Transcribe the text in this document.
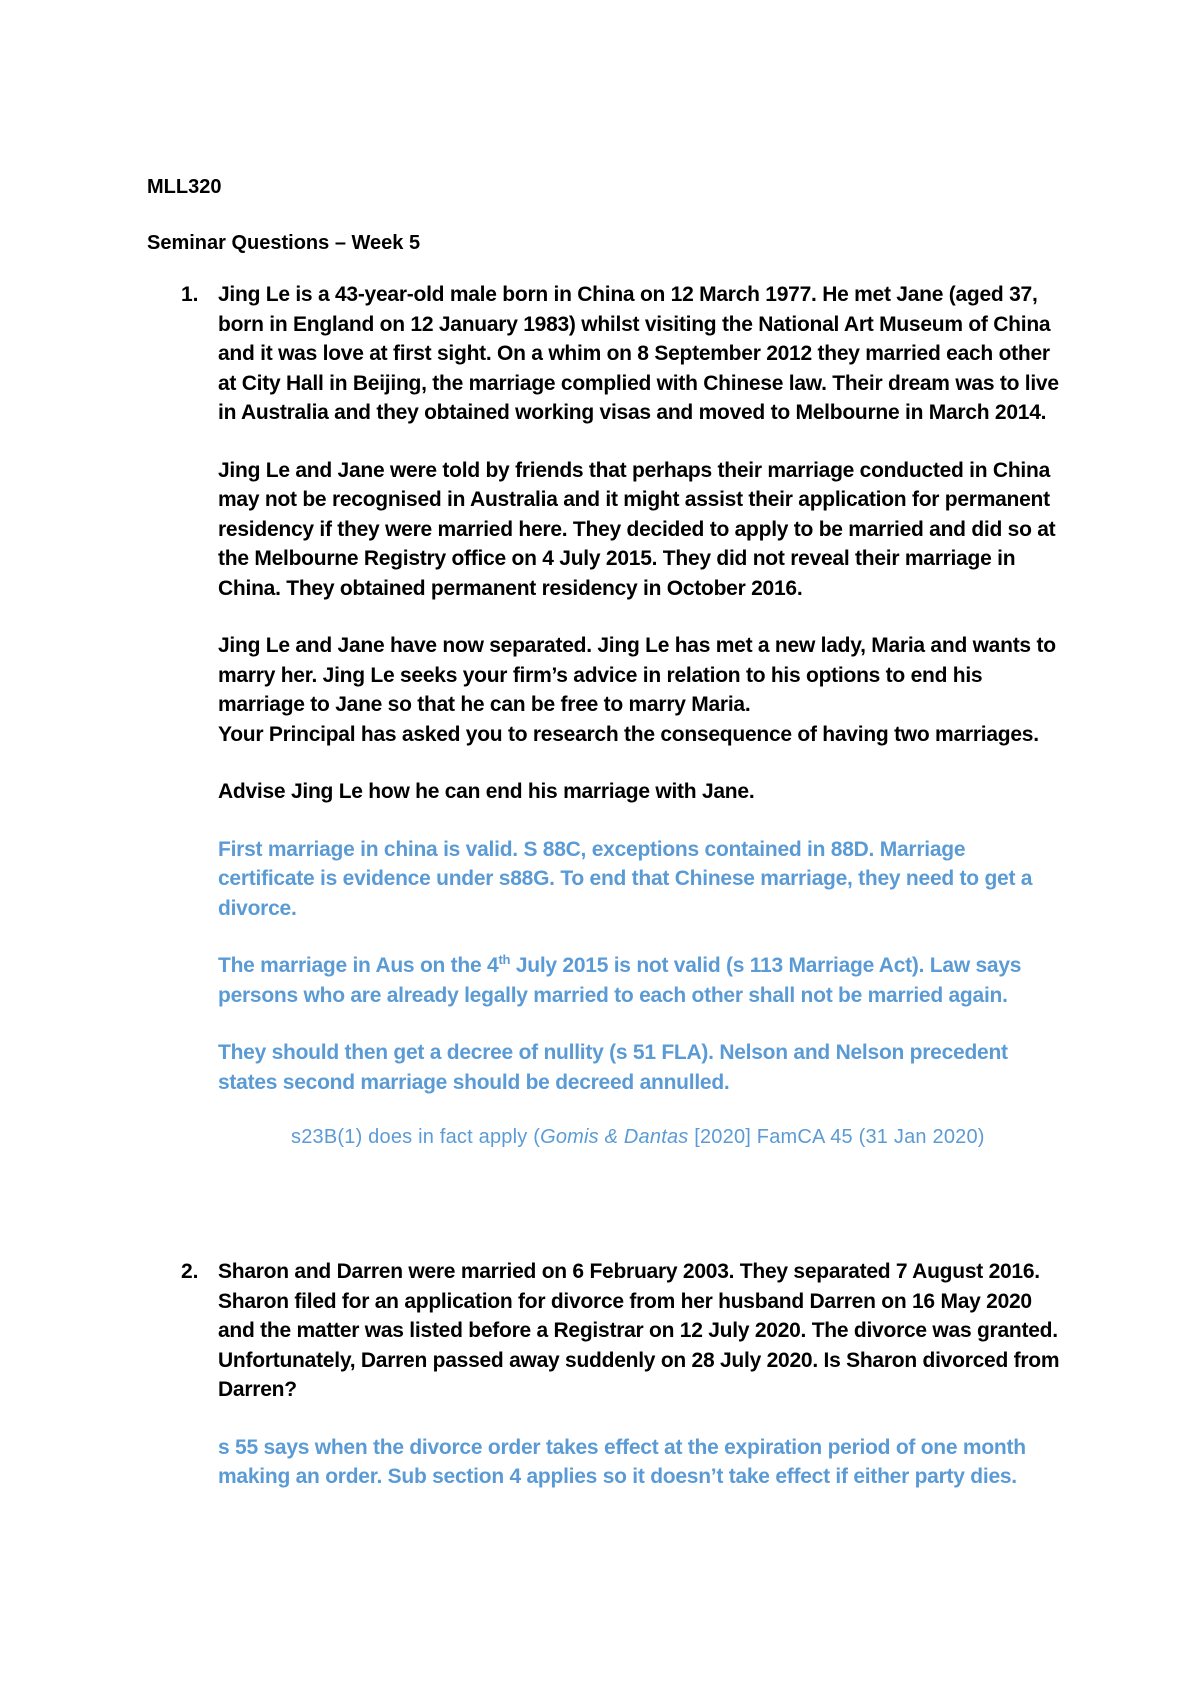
MLL320
Seminar Questions – Week 5
1. Jing Le is a 43-year-old male born in China on 12 March 1977. He met Jane (aged 37, born in England on 12 January 1983) whilst visiting the National Art Museum of China and it was love at first sight. On a whim on 8 September 2012 they married each other at City Hall in Beijing, the marriage complied with Chinese law. Their dream was to live in Australia and they obtained working visas and moved to Melbourne in March 2014.

Jing Le and Jane were told by friends that perhaps their marriage conducted in China may not be recognised in Australia and it might assist their application for permanent residency if they were married here. They decided to apply to be married and did so at the Melbourne Registry office on 4 July 2015. They did not reveal their marriage in China. They obtained permanent residency in October 2016.

Jing Le and Jane have now separated. Jing Le has met a new lady, Maria and wants to marry her. Jing Le seeks your firm’s advice in relation to his options to end his marriage to Jane so that he can be free to marry Maria.

Your Principal has asked you to research the consequence of having two marriages.

Advise Jing Le how he can end his marriage with Jane.

First marriage in china is valid. S 88C, exceptions contained in 88D. Marriage certificate is evidence under s88G. To end that Chinese marriage, they need to get a divorce.

The marriage in Aus on the 4th July 2015 is not valid (s 113 Marriage Act). Law says persons who are already legally married to each other shall not be married again.

They should then get a decree of nullity (s 51 FLA). Nelson and Nelson precedent states second marriage should be decreed annulled.

s23B(1) does in fact apply (Gomis & Dantas [2020] FamCA 45 (31 Jan 2020)

2. Sharon and Darren were married on 6 February 2003. They separated 7 August 2016. Sharon filed for an application for divorce from her husband Darren on 16 May 2020 and the matter was listed before a Registrar on 12 July 2020. The divorce was granted. Unfortunately, Darren passed away suddenly on 28 July 2020. Is Sharon divorced from Darren?

s 55 says when the divorce order takes effect at the expiration period of one month making an order. Sub section 4 applies so it doesn’t take effect if either party dies.
